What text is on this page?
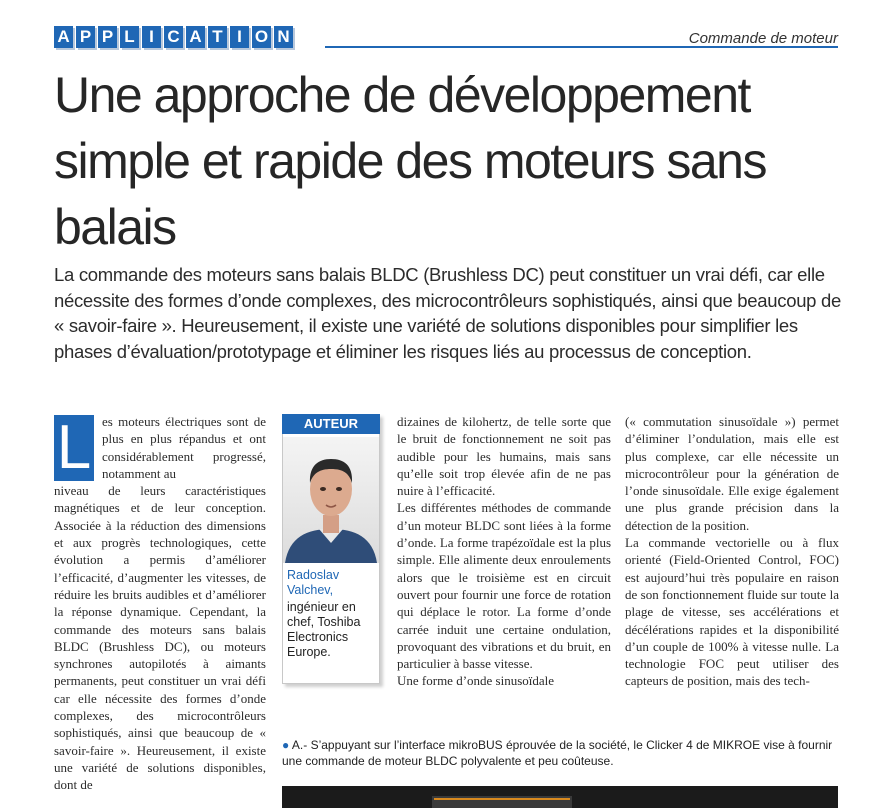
A P P L I C A T I O N	Commande de moteur
Une approche de développement simple et rapide des moteurs sans balais

La commande des moteurs sans balais BLDC (Brushless DC) peut constituer un vrai défi, car elle nécessite des formes d’onde complexes, des microcontrôleurs sophistiqués, ainsi que beaucoup de « savoir-faire ». Heureusement, il existe une variété de solutions disponibles pour simplifier les phases d’évaluation/prototypage et éliminer les risques liés au processus de conception.

L es moteurs électriques sont de plus en plus répandus et ont considérablement progressé, notamment au

niveau de leurs caractéristiques magnétiques et de leur conception. Associée à la réduction des dimensions et aux progrès technologiques, cette évolution a permis d’améliorer l’efficacité, d’augmenter les vitesses, de réduire les bruits audibles et d’améliorer la réponse dynamique. Cependant, la commande des moteurs sans balais BLDC (Brushless DC), ou moteurs synchrones autopilotés à aimants permanents, peut constituer un vrai défi car elle nécessite des formes d’onde complexes, des microcontrôleurs sophistiqués, ainsi que beaucoup de « savoir-faire ». Heureusement, il existe une variété de solutions disponibles, dont de

AUTEUR
Radoslav Valchev,
ingénieur en chef, Toshiba Electronics Europe.

dizaines de kilohertz, de telle sorte que le bruit de fonctionnement ne soit pas audible pour les humains, mais sans qu’elle soit trop élevée afin de ne pas nuire à l’efficacité.

Les différentes méthodes de commande d’un moteur BLDC sont liées à la forme d’onde. La forme trapézoïdale est la plus simple. Elle alimente deux enroulements alors que le troisième est en circuit ouvert pour fournir une force de rotation qui déplace le rotor. La forme d’onde carrée induit une certaine ondulation, provoquant des vibrations et du bruit, en particulier à basse vitesse.

Une forme d’onde sinusoïdale

(« commutation sinusoïdale ») permet d’éliminer l’ondulation, mais elle est plus complexe, car elle nécessite un microcontrôleur pour la génération de l’onde sinusoïdale. Elle exige également une plus grande précision dans la détection de la position.

La commande vectorielle ou à flux orienté (Field-Oriented Control, FOC) est aujourd’hui très populaire en raison de son fonctionnement fluide sur toute la plage de vitesse, ses accélérations et décélérations rapides et la disponibilité d’un couple de 100% à vitesse nulle. La technologie FOC peut utiliser des capteurs de position, mais des tech-

● A.- S’appuyant sur l’interface mikroBUS éprouvée de la société, le Clicker 4 de MIKROE vise à fournir une commande de moteur BLDC polyvalente et peu coûteuse.
